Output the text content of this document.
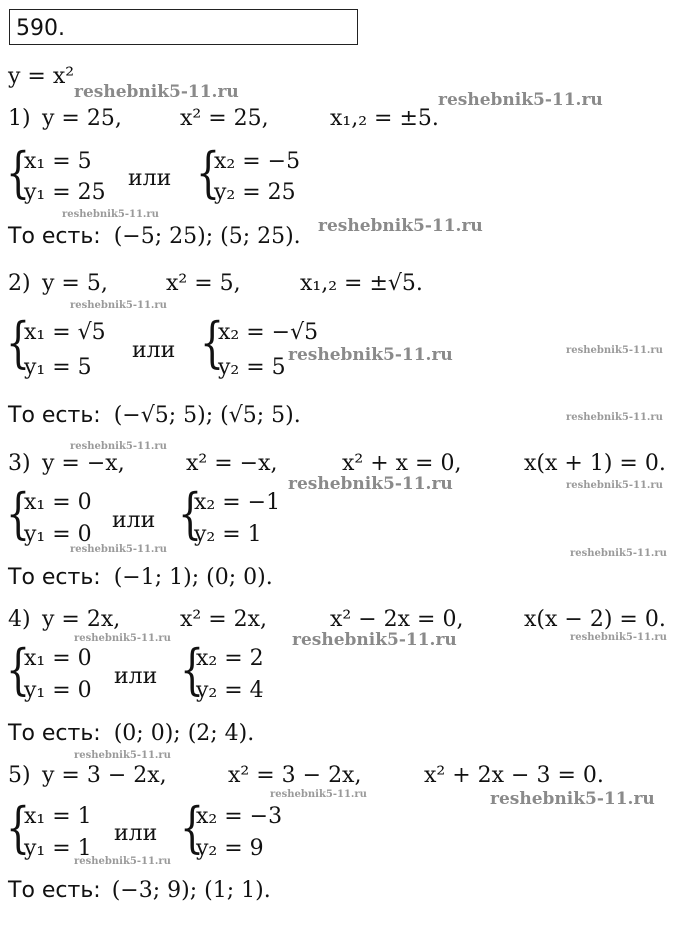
590.
y = x²
1) y = 25,	x² = 25,	x₁,₂ = ±5.
{
x₁ = 5
y₁ = 25
или {
x₂ = −5
y₂ = 25
То есть: (−5; 25); (5; 25).
2) y = 5,	x² = 5,	x₁,₂ = ±√5.
{
x₁ = √5
y₁ = 5
или {
x₂ = −√5
y₂ = 5
То есть: (−√5; 5); (√5; 5).
3) y = −x,	x² = −x,	x² + x = 0,	x(x + 1) = 0.
{
x₁ = 0
y₁ = 0
или {
x₂ = −1
y₂ = 1
То есть: (−1; 1); (0; 0).
4) y = 2x,	x² = 2x,	x² − 2x = 0,	x(x − 2) = 0.
{
x₁ = 0
y₁ = 0
или {
x₂ = 2
y₂ = 4
То есть: (0; 0); (2; 4).
5) y = 3 − 2x,	x² = 3 − 2x,	x² + 2x − 3 = 0.
{
x₁ = 1
y₁ = 1
или {
x₂ = −3
y₂ = 9
То есть: (−3; 9); (1; 1).
reshebnik5-11.ru	reshebnik5-11.ru
reshebnik5-11.ru
reshebnik5-11.ru
reshebnik5-11.ru
reshebnik5-11.ru	reshebnik5-11.ru
reshebnik5-11.ru
reshebnik5-11.ru
reshebnik5-11.ru	reshebnik5-11.ru
reshebnik5-11.ru	reshebnik5-11.ru
reshebnik5-11.ru	reshebnik5-11.ru	reshebnik5-11.ru
reshebnik5-11.ru
reshebnik5-11.ru	reshebnik5-11.ru
reshebnik5-11.ru
